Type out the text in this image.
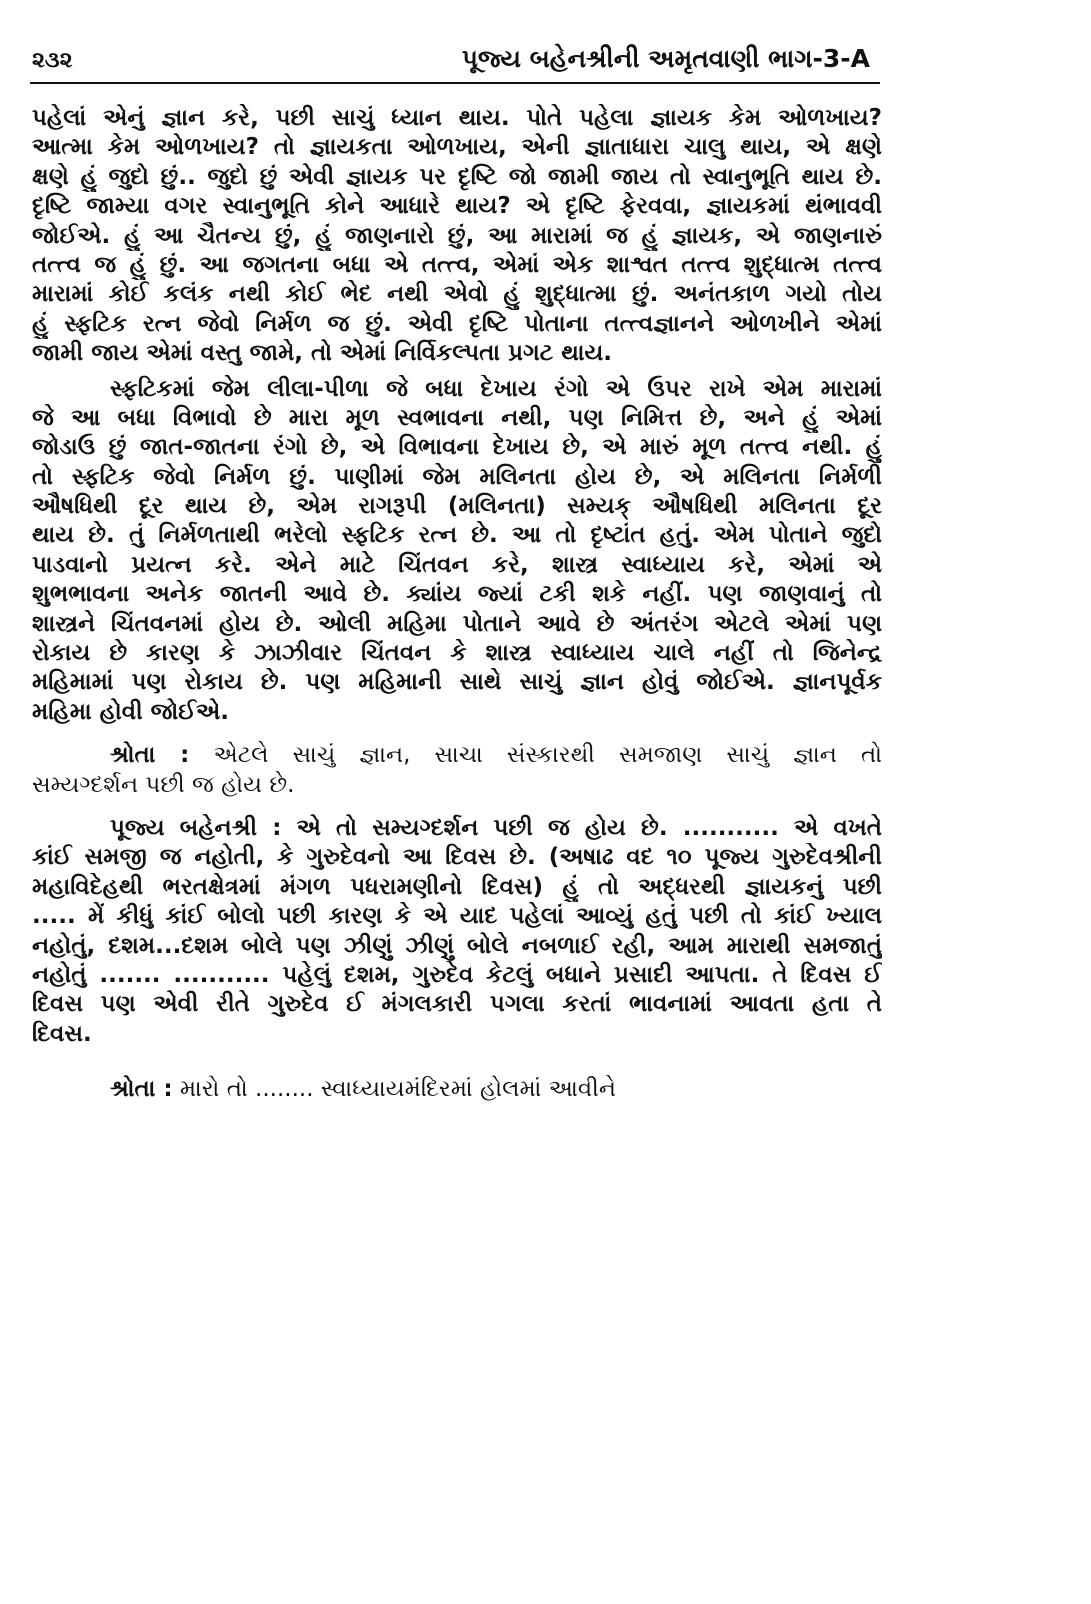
૨૩૨	પૂજ્ય બહેનશ્રીની અમૃતવાણી ભાગ-3-A
પહેલાં એનું જ્ઞાન કરે, પછી સાચું ધ્યાન થાય. પોતે પહેલા જ્ઞાયક કેમ ઓળખાય?
આત્મા કેમ ઓળખાય? તો જ્ઞાયકતા ઓળખાય, એની જ્ઞાતાધારા ચાલુ થાય, એ ક્ષણે
ક્ષણે હું જુદો છું.. જુદો છું એવી જ્ઞાયક પર દૃષ્ટિ જો જામી જાય તો સ્વાનુભૂતિ થાય છે.
દૃષ્ટિ જામ્યા વગર સ્વાનુભૂતિ કોને આધારે થાય? એ દૃષ્ટિ ફેરવવા, જ્ઞાયકમાં થંભાવવી
જોઈએ. હું આ ચૈતન્ય છું, હું જાણનારો છું, આ મારામાં જ હું જ્ઞાયક, એ જાણનારું
તત્ત્વ જ હું છું. આ જગતના બધા એ તત્ત્વ, એમાં એક શાશ્વત તત્ત્વ શુદ્ધાત્મ તત્ત્વ
મારામાં કોઈ કલંક નથી કોઈ ભેદ નથી એવો હું શુદ્ધાત્મા છું. અનંતકાળ ગયો તોય
હું સ્ફટિક રત્ન જેવો નિર્મળ જ છું. એવી દૃષ્ટિ પોતાના તત્ત્વજ્ઞાનને ઓળખીને એમાં
જામી જાય એમાં વસ્તુ જામે, તો એમાં નિર્વિકલ્પતા પ્રગટ થાય.
સ્ફટિકમાં જેમ લીલા-પીળા જે બધા દેખાય રંગો એ ઉપર રાખે એમ મારામાં
જે આ બધા વિભાવો છે મારા મૂળ સ્વભાવના નથી, પણ નિમિત્ત છે, અને હું એમાં
જોડાઉં છું જાત-જાતના રંગો છે, એ વિભાવના દેખાય છે, એ મારું મૂળ તત્ત્વ નથી. હું
તો સ્ફટિક જેવો નિર્મળ છું. પાણીમાં જેમ મલિનતા હોય છે, એ મલિનતા નિર્મળી
ઔષધિથી દૂર થાય છે, એમ રાગરૂપી (મલિનતા) સમ્યક્ ઔષધિથી મલિનતા દૂર
થાય છે. તું નિર્મળતાથી ભરેલો સ્ફટિક રત્ન છે. આ તો દૃષ્ટાંત હતું. એમ પોતાને જુદો
પાડવાનો પ્રયત્ન કરે. એને માટે ચિંતવન કરે, શાસ્ત્ર સ્વાધ્યાય કરે, એમાં એ
શુભભાવના અનેક જાતની આવે છે. ક્યાંય જ્યાં ટકી શકે નહીં. પણ જાણવાનું તો
શાસ્ત્રને ચિંતવનમાં હોય છે. ઓલી મહિમા પોતાને આવે છે અંતરંગ એટલે એમાં પણ
રોકાય છે કારણ કે ઝાઝીવાર ચિંતવન કે શાસ્ત્ર સ્વાધ્યાય ચાલે નહીં તો જિનેન્દ્ર
મહિમામાં પણ રોકાય છે. પણ મહિમાની સાથે સાચું જ્ઞાન હોવું જોઈએ. જ્ઞાનપૂર્વક
મહિમા હોવી જોઈએ.
શ્રોતા : એટલે સાચું જ્ઞાન, સાચા સંસ્કારથી સમજાણ સાચું જ્ઞાન તો
સમ્યગ્દર્શન પછી જ હોય છે.
પૂજ્ય બહેનશ્રી : એ તો સમ્યગ્દર્શન પછી જ હોય છે. ........... એ વખતે
કાંઈ સમજી જ નહોતી, કે ગુરુદેવનો આ દિવસ છે. (અષાઢ વદ ૧૦ પૂજ્ય ગુરુદેવશ્રીની
મહાવિદેહથી ભરતક્ષેત્રમાં મંગળ પધરામણીનો દિવસ) હું તો અદ્ધરથી જ્ઞાયકનું પછી
..... મેં કીધું કાંઈ બોલો પછી કારણ કે એ યાદ પહેલાં આવ્યું હતું પછી તો કાંઈ ખ્યાલ
નહોતું, દશમ...દશમ બોલે પણ ઝીણું ઝીણું બોલે નબળાઈ રહી, આમ મારાથી સમજાતું
નહોતું ....... ........... પહેલું દશમ, ગુરુદેવ કેટલું બધાને પ્રસાદી આપતા. તે દિવસ ઈ
દિવસ પણ એવી રીતે ગુરુદેવ ઈ મંગલકારી પગલા કરતાં ભાવનામાં આવતા હતા તે
દિવસ.
શ્રોતા : મારો તો ........ સ્વાધ્યાયમંદિરમાં હોલમાં આવીને
